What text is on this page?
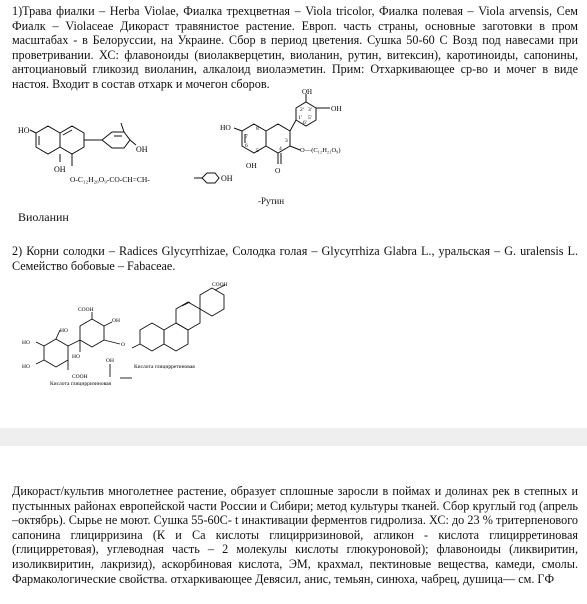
1)Трава фиалки – Herba Violae, Фиалка трехцветная – Viola tricolor, Фиалка полевая – Viola arvensis, Сем Фиалк – Violaceae Дикораст травянистое растение. Европ. часть страны, основные заготовки в пром масштабах - в Белоруссии, на Украине. Сбор в период цветения. Сушка 50-60 С Возд под навесами при проветривании. ХС: флавоноиды (виолакверцетин, виоланин, рутин, витексин), каротиноиды, сапонины, антоциановый гликозид виоланин, алкалоид виолаэметин. Прим: Отхаркивающее ср-во и мочег в виде настоя. Входит в состав отхарк и мочегон сборов.

HO
OH
OH
O-C₁₂H₂₀O₉-CO-CH=CH-	OH
Виоланин
OH
OH
HO
OH
O
O—(C₁₂H₂₁O₉)
7
6
5
8
4
3
2' 3'
1' 5'
6'
-Рутин

2) Корни солодки – Radices Glycyrrhizae, Солодка голая – Glycyrrhiza Glabra L., уральская – G. uralensis L. Семейство бобовые – Fabaceae.

COOH
COOH
COOH
HO
HO
HO
HO
OH
OH
O
Кислота глицирретиновая
Кислота глицирризиновая

Дикораст/культив многолетнее растение, образует сплошные заросли в поймах и долинах рек в степных и пустынных районах европейской части России и Сибири; метод культуры тканей. Сбор круглый год (апрель –октябрь). Сырье не моют. Сушка 55-60С- t инактивации ферментов гидролиза. ХС: до 23 % тритерпенового сапонина глицирризина (К и Са кислоты глицирризиновой, агликон - кислота глицирретиновая (глицирретовая), углеводная часть – 2 молекулы кислоты глюкуроновой); флавоноиды (ликвиритин, изоликвиритин, лакризид), аскорбиновая кислота, ЭМ, крахмал, пектиновые вещества, камеди, смолы. Фармакологические свойства. отхаркивающее Девясил, анис, темьян, синюха, чабрец, душица— см. ГФ
